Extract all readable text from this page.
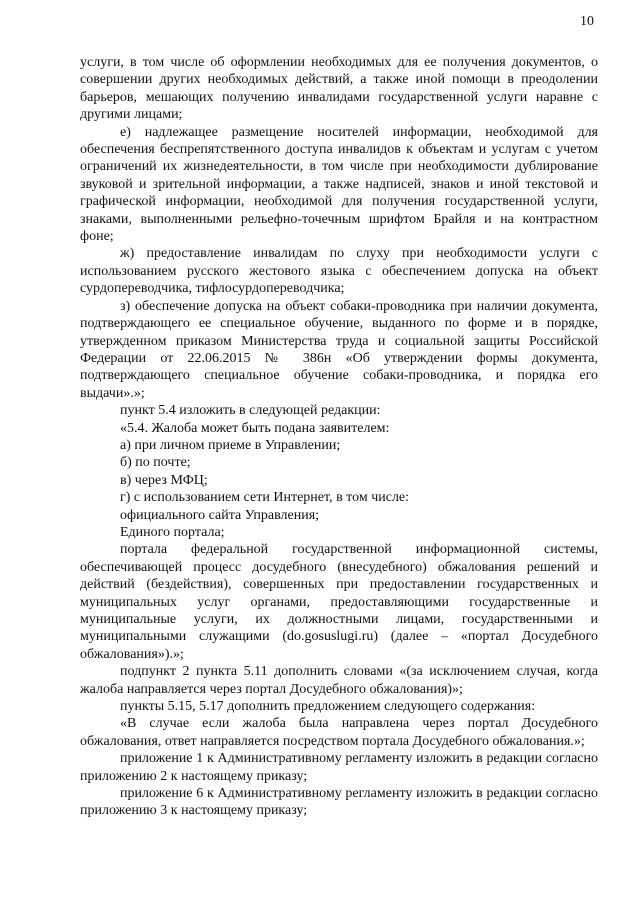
10

услуги, в том числе об оформлении необходимых для ее получения документов, о совершении других необходимых действий, а также иной помощи в преодолении барьеров, мешающих получению инвалидами государственной услуги наравне с другими лицами;

е) надлежащее размещение носителей информации, необходимой для обеспечения беспрепятственного доступа инвалидов к объектам и услугам с учетом ограничений их жизнедеятельности, в том числе при необходимости дублирование звуковой и зрительной информации, а также надписей, знаков и иной текстовой и графической информации, необходимой для получения государственной услуги, знаками, выполненными рельефно-точечным шрифтом Брайля и на контрастном фоне;

ж) предоставление инвалидам по слуху при необходимости услуги с использованием русского жестового языка с обеспечением допуска на объект сурдопереводчика, тифлосурдопереводчика;

з) обеспечение допуска на объект собаки-проводника при наличии документа, подтверждающего ее специальное обучение, выданного по форме и в порядке, утвержденном приказом Министерства труда и социальной защиты Российской Федерации от 22.06.2015 № 386н «Об утверждении формы документа, подтверждающего специальное обучение собаки-проводника, и порядка его выдачи».»;

пункт 5.4 изложить в следующей редакции:

«5.4. Жалоба может быть подана заявителем:

а) при личном приеме в Управлении;

б) по почте;

в) через МФЦ;

г) с использованием сети Интернет, в том числе:

официального сайта Управления;

Единого портала;

портала федеральной государственной информационной системы, обеспечивающей процесс досудебного (внесудебного) обжалования решений и действий (бездействия), совершенных при предоставлении государственных и муниципальных услуг органами, предоставляющими государственные и муниципальные услуги, их должностными лицами, государственными и муниципальными служащими (do.gosuslugi.ru) (далее – «портал Досудебного обжалования»).»;

подпункт 2 пункта 5.11 дополнить словами «(за исключением случая, когда жалоба направляется через портал Досудебного обжалования)»;

пункты 5.15, 5.17 дополнить предложением следующего содержания:

«В случае если жалоба была направлена через портал Досудебного обжалования, ответ направляется посредством портала Досудебного обжалования.»;

приложение 1 к Административному регламенту изложить в редакции согласно приложению 2 к настоящему приказу;

приложение 6 к Административному регламенту изложить в редакции согласно приложению 3 к настоящему приказу;
